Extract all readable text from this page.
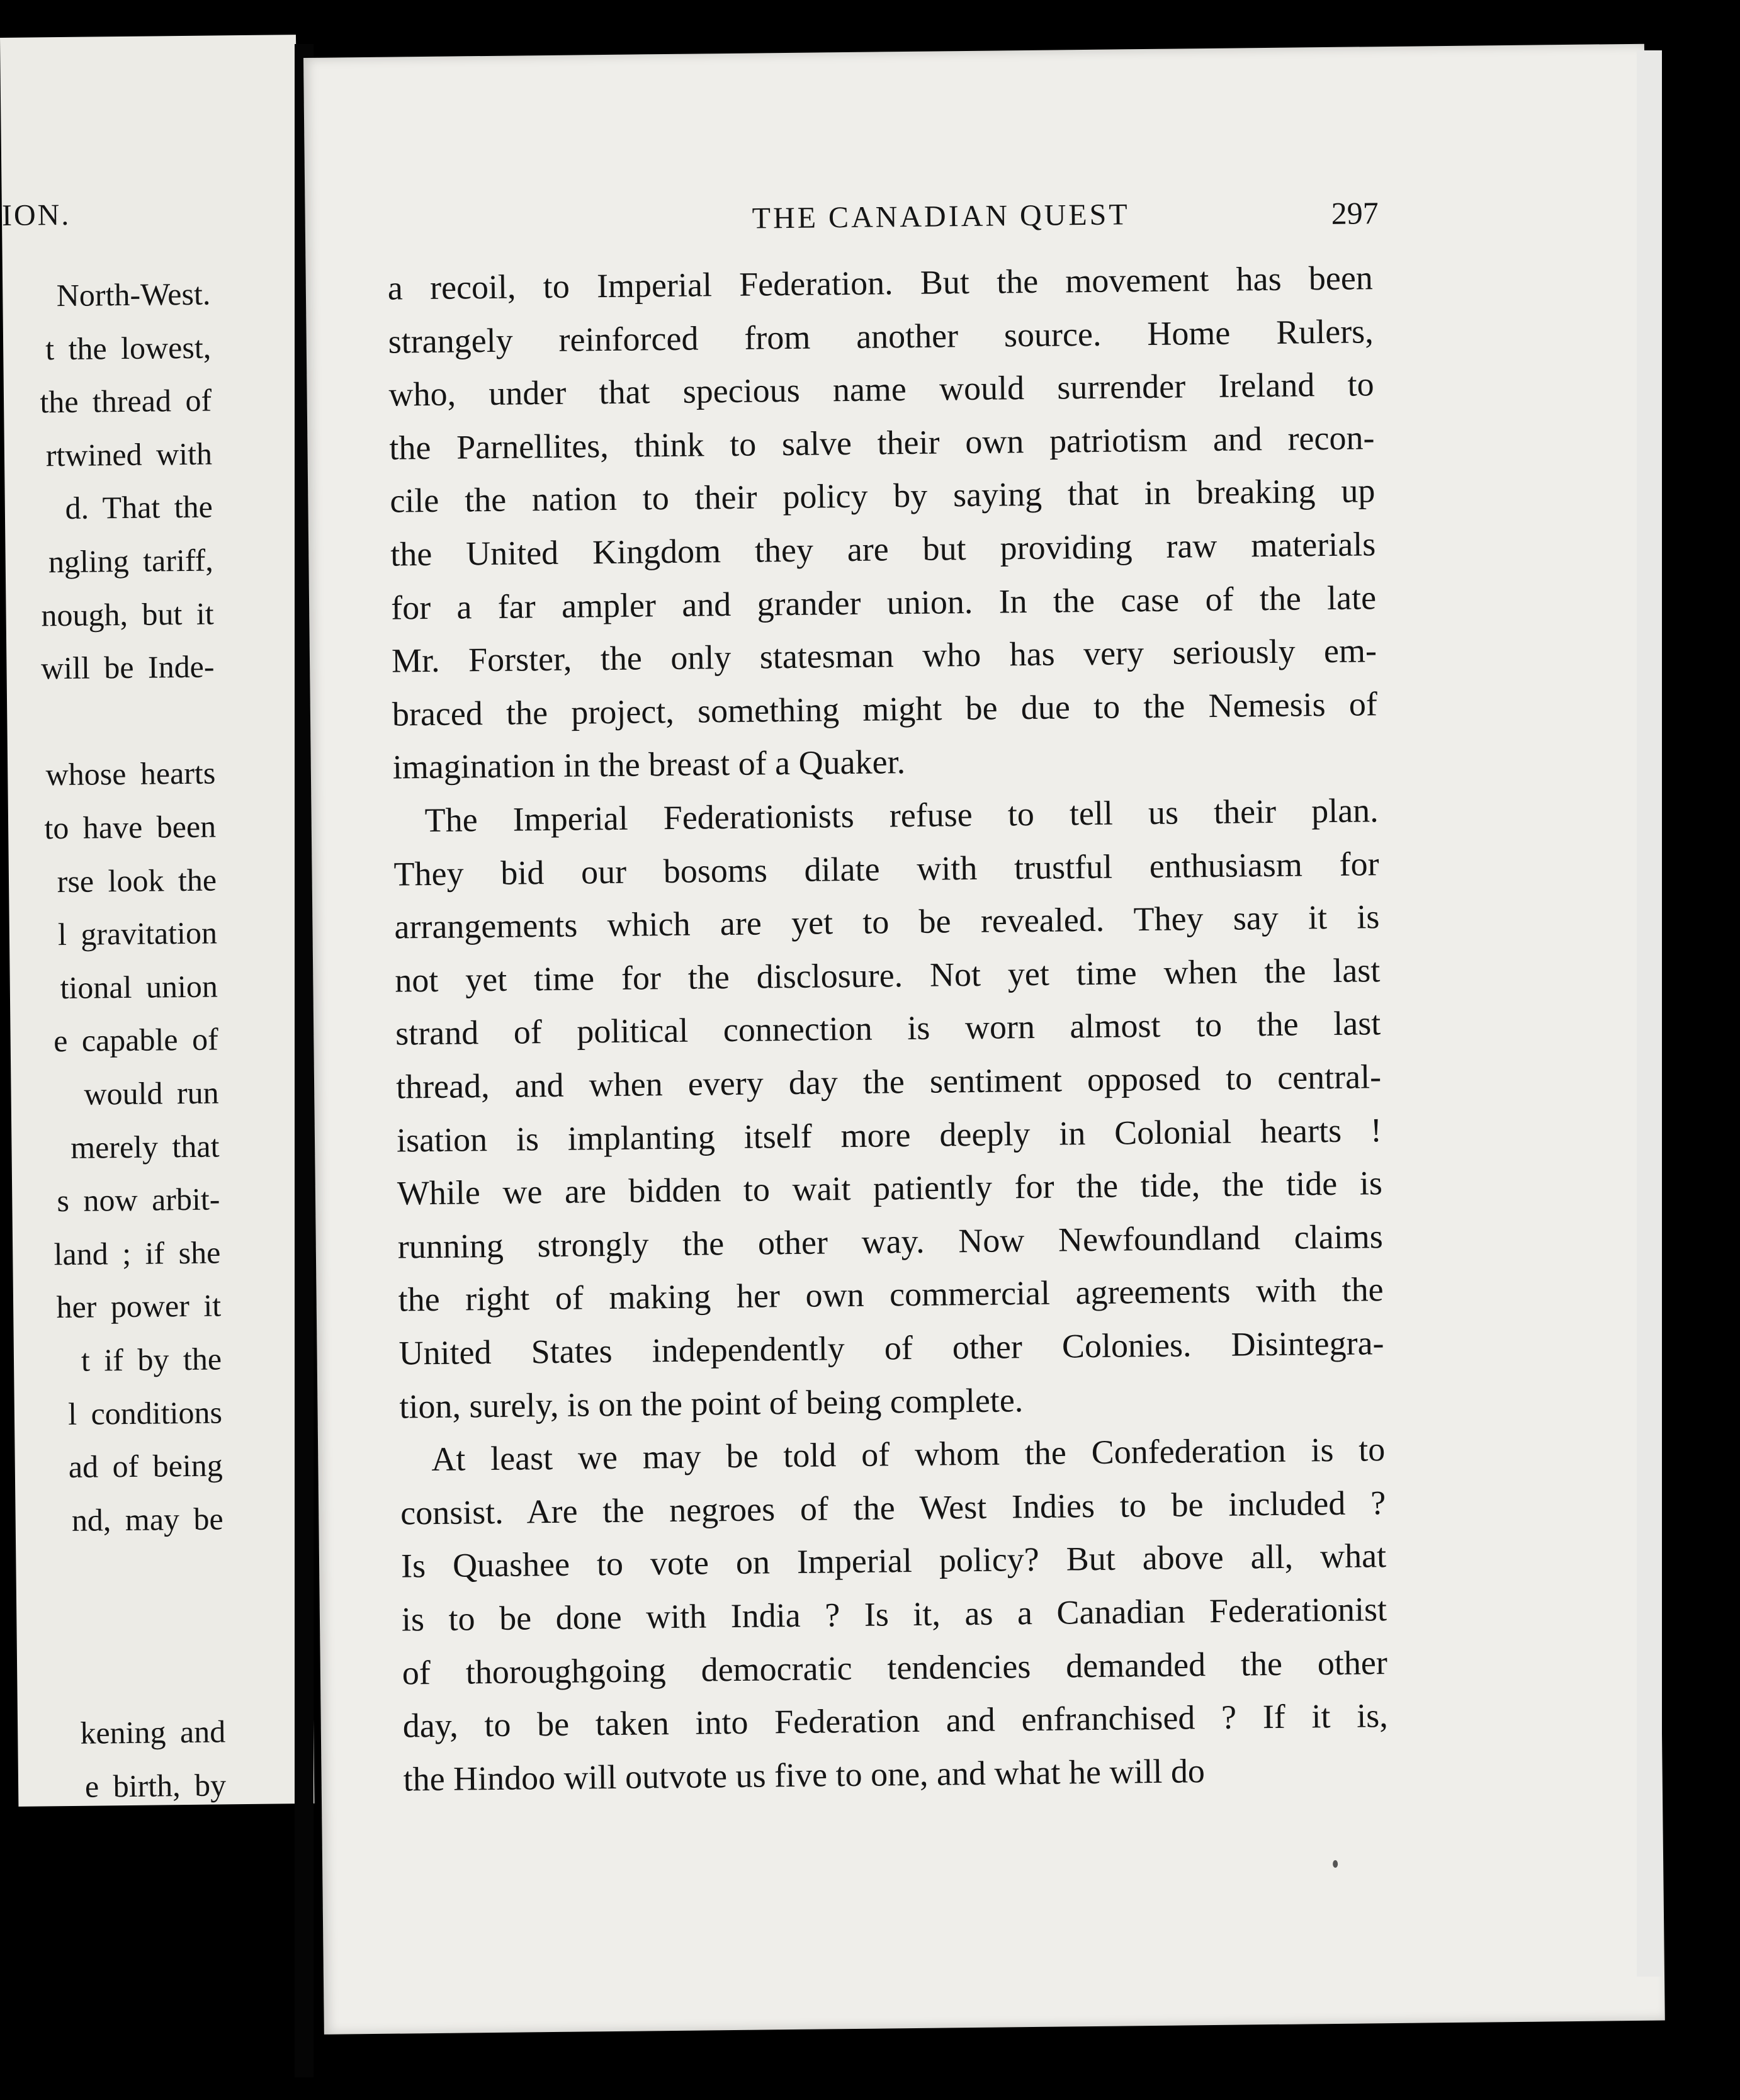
ION.
North-West.
t the lowest,
the thread of
rtwined with
d. That the
ngling tariff,
nough, but it
will be Inde-
whose hearts
to have been
rse look the
l gravitation
tional union
e capable of
would run
merely that
s now arbit-
land ; if she
her power it
t if by the
l conditions
ad of being
nd, may be
kening and
e birth, by
THE CANADIAN QUEST	297
a recoil, to Imperial Federation. But the movement has been
strangely reinforced from another source. Home Rulers,
who, under that specious name would surrender Ireland to
the Parnellites, think to salve their own patriotism and recon-
cile the nation to their policy by saying that in breaking up
the United Kingdom they are but providing raw materials
for a far ampler and grander union. In the case of the late
Mr. Forster, the only statesman who has very seriously em-
braced the project, something might be due to the Nemesis of
imagination in the breast of a Quaker.
The Imperial Federationists refuse to tell us their plan.
They bid our bosoms dilate with trustful enthusiasm for
arrangements which are yet to be revealed. They say it is
not yet time for the disclosure. Not yet time when the last
strand of political connection is worn almost to the last
thread, and when every day the sentiment opposed to central-
isation is implanting itself more deeply in Colonial hearts !
While we are bidden to wait patiently for the tide, the tide is
running strongly the other way. Now Newfoundland claims
the right of making her own commercial agreements with the
United States independently of other Colonies. Disintegra-
tion, surely, is on the point of being complete.
At least we may be told of whom the Confederation is to
consist. Are the negroes of the West Indies to be included ?
Is Quashee to vote on Imperial policy? But above all, what
is to be done with India ? Is it, as a Canadian Federationist
of thoroughgoing democratic tendencies demanded the other
day, to be taken into Federation and enfranchised ? If it is,
the Hindoo will outvote us five to one, and what he will do
